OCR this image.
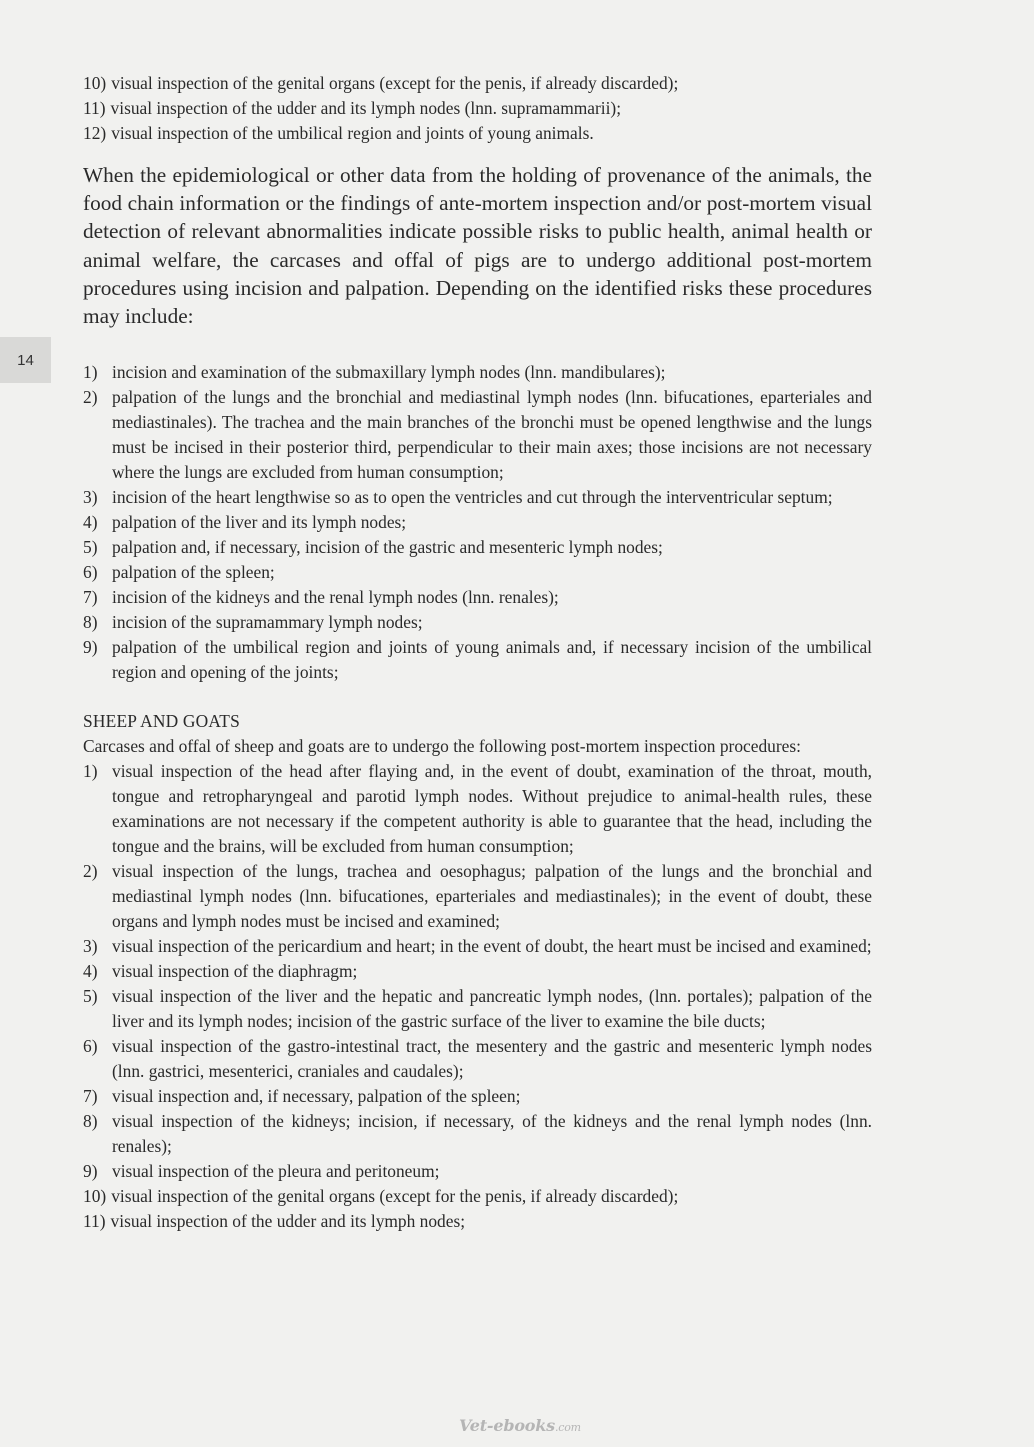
14
10) visual inspection of the genital organs (except for the penis, if already discarded);
11) visual inspection of the udder and its lymph nodes (lnn. supramammarii);
12) visual inspection of the umbilical region and joints of young animals.

When the epidemiological or other data from the holding of provenance of the animals, the food chain information or the findings of ante-mortem inspection and/or post-mortem visual detection of relevant abnormalities indicate possible risks to public health, animal health or animal welfare, the carcases and offal of pigs are to undergo additional post-mortem procedures using incision and palpation. Depending on the identified risks these procedures may include:

1) incision and examination of the submaxillary lymph nodes (lnn. mandibulares);
2) palpation of the lungs and the bronchial and mediastinal lymph nodes (lnn. bifucationes, eparteriales and mediastinales). The trachea and the main branches of the bronchi must be opened lengthwise and the lungs must be incised in their posterior third, perpendicular to their main axes; those incisions are not necessary where the lungs are excluded from human consumption;
3) incision of the heart lengthwise so as to open the ventricles and cut through the interventricular septum;
4) palpation of the liver and its lymph nodes;
5) palpation and, if necessary, incision of the gastric and mesenteric lymph nodes;
6) palpation of the spleen;
7) incision of the kidneys and the renal lymph nodes (lnn. renales);
8) incision of the supramammary lymph nodes;
9) palpation of the umbilical region and joints of young animals and, if necessary incision of the umbilical region and opening of the joints;
SHEEP AND GOATS
Carcases and offal of sheep and goats are to undergo the following post-mortem inspection procedures:
1) visual inspection of the head after flaying and, in the event of doubt, examination of the throat, mouth, tongue and retropharyngeal and parotid lymph nodes. Without prejudice to animal-health rules, these examinations are not necessary if the competent authority is able to guarantee that the head, including the tongue and the brains, will be excluded from human consumption;
2) visual inspection of the lungs, trachea and oesophagus; palpation of the lungs and the bronchial and mediastinal lymph nodes (lnn. bifucationes, eparteriales and mediastinales); in the event of doubt, these organs and lymph nodes must be incised and examined;
3) visual inspection of the pericardium and heart; in the event of doubt, the heart must be incised and examined;
4) visual inspection of the diaphragm;
5) visual inspection of the liver and the hepatic and pancreatic lymph nodes, (lnn. portales); palpation of the liver and its lymph nodes; incision of the gastric surface of the liver to examine the bile ducts;
6) visual inspection of the gastro-intestinal tract, the mesentery and the gastric and mesenteric lymph nodes (lnn. gastrici, mesenterici, craniales and caudales);
7) visual inspection and, if necessary, palpation of the spleen;
8) visual inspection of the kidneys; incision, if necessary, of the kidneys and the renal lymph nodes (lnn. renales);
9) visual inspection of the pleura and peritoneum;
10) visual inspection of the genital organs (except for the penis, if already discarded);
11) visual inspection of the udder and its lymph nodes;
Vet-ebooks.com
